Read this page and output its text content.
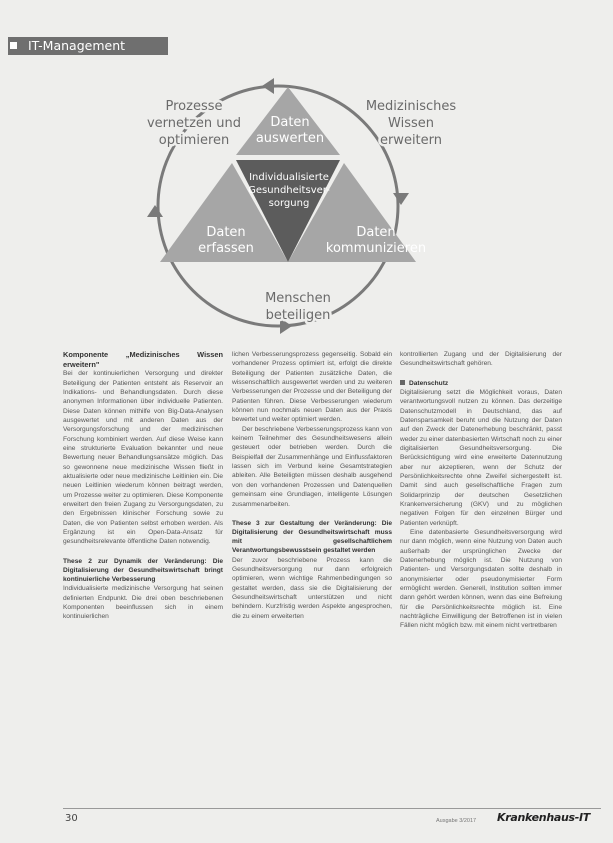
IT-Management
Daten
auswerten
Daten
erfassen
Daten
kommunizieren
Individualisierte
Gesundheitsver-
sorgung
Prozesse
vernetzen und
optimieren
Medizinisches
Wissen
erweitern
Menschen
beteiligen

Komponente „Medizinisches Wissen erweitern"

Bei der kontinuierlichen Versorgung und direkter Beteiligung der Patienten entsteht als Reservoir an Indikations- und Behandlungsdaten. Durch diese anonymen Informationen über individuelle Patienten. Diese Daten können mithilfe von Big-Data-Analysen ausgewertet und mit anderen Daten aus der Versorgungsforschung und der medizinischen Forschung kombiniert werden. Auf diese Weise kann eine strukturierte Evaluation bekannter und neue Bewertung neuer Behandlungsansätze möglich. Das so gewonnene neue medizinische Wissen fließt in aktualisierte oder neue medizinische Leitlinien ein. Die neuen Leitlinien wiederum können beitragt werden, um Prozesse weiter zu optimieren. Diese Komponente erweitert den freien Zugang zu Versorgungsdaten, zu den Ergebnissen klinischer Forschung sowie zu Daten, die von Patienten selbst erhoben werden. Als Ergänzung ist ein Open-Data-Ansatz für gesundheitsrelevante öffentliche Daten notwendig.

These 2 zur Dynamik der Veränderung: Die Digitalisierung der Gesundheitswirtschaft bringt kontinuierliche Verbesserung

Individualisierte medizinische Versorgung hat seinen definierten Endpunkt. Die drei oben beschriebenen Komponenten beeinflussen sich in einem kontinuierlichen

lichen Verbesserungsprozess gegenseitig. Sobald ein vorhandener Prozess optimiert ist, erfolgt die direkte Beteiligung der Patienten zusätzliche Daten, die wissenschaftlich ausgewertet werden und zu weiteren Verbesserungen der Prozesse und der Beteiligung der Patienten führen. Diese Verbesserungen wiederum können nun nochmals neuen Daten aus der Praxis bewertet und weiter optimiert werden.

Der beschriebene Verbesserungsprozess kann von keinem Teilnehmer des Gesundheitswesens allein gesteuert oder betrieben werden. Durch die Beispielfall der Zusammenhänge und Einflussfaktoren lassen sich im Verbund keine Gesamtstrategien ableiten. Alle Beteiligten müssen deshalb ausgehend von den vorhandenen Prozessen und Datenquellen gemeinsam eine Grundlagen, intelligente Lösungen zusammenarbeiten.

These 3 zur Gestaltung der Veränderung: Die Digitalisierung der Gesundheitswirtschaft muss mit gesellschaftlichem Verantwortungsbewusstsein gestaltet werden

Der zuvor beschriebene Prozess kann die Gesundheitsversorgung nur dann erfolgreich optimieren, wenn wichtige Rahmenbedingungen so gestaltet werden, dass sie die Digitalisierung der Gesundheitswirtschaft unterstützen und nicht behindern. Kurzfristig werden Aspekte angesprochen, die zu einem erweiterten

kontrollierten Zugang und der Digitalisierung der Gesundheitswirtschaft gehören.

Datenschutz

Digitalisierung setzt die Möglichkeit voraus, Daten verantwortungsvoll nutzen zu können. Das derzeitige Datenschutzmodell in Deutschland, das auf Datensparsamkeit beruht und die Nutzung der Daten auf den Zweck der Datenerhebung beschränkt, passt weder zu einer datenbasierten Wirtschaft noch zu einer digitalisierten Gesundheitsversorgung. Die Berücksichtigung wird eine erweiterte Datennutzung aber nur akzeptieren, wenn der Schutz der Persönlichkeitsrechte ohne Zweifel sichergestellt ist. Damit sind auch gesellschaftliche Fragen zum Solidarprinzip der deutschen Gesetzlichen Krankenversicherung (GKV) und zu möglichen negativen Folgen für den einzelnen Bürger und Patienten verknüpft.

Eine datenbasierte Gesundheitsversorgung wird nur dann möglich, wenn eine Nutzung von Daten auch außerhalb der ursprünglichen Zwecke der Datenerhebung möglich ist. Die Nutzung von Patienten- und Versorgungsdaten sollte deshalb in anonymisierter oder pseudonymisierter Form ermöglicht werden. Generell, Institution sollten immer dann gehört werden können, wenn das eine Befreiung für die Persönlichkeitsrechte möglich ist. Eine nachträgliche Einwilligung der Betroffenen ist in vielen Fällen nicht möglich bzw. mit einem nicht vertretbaren

30	Ausgabe 3/2017 Krankenhaus-IT
